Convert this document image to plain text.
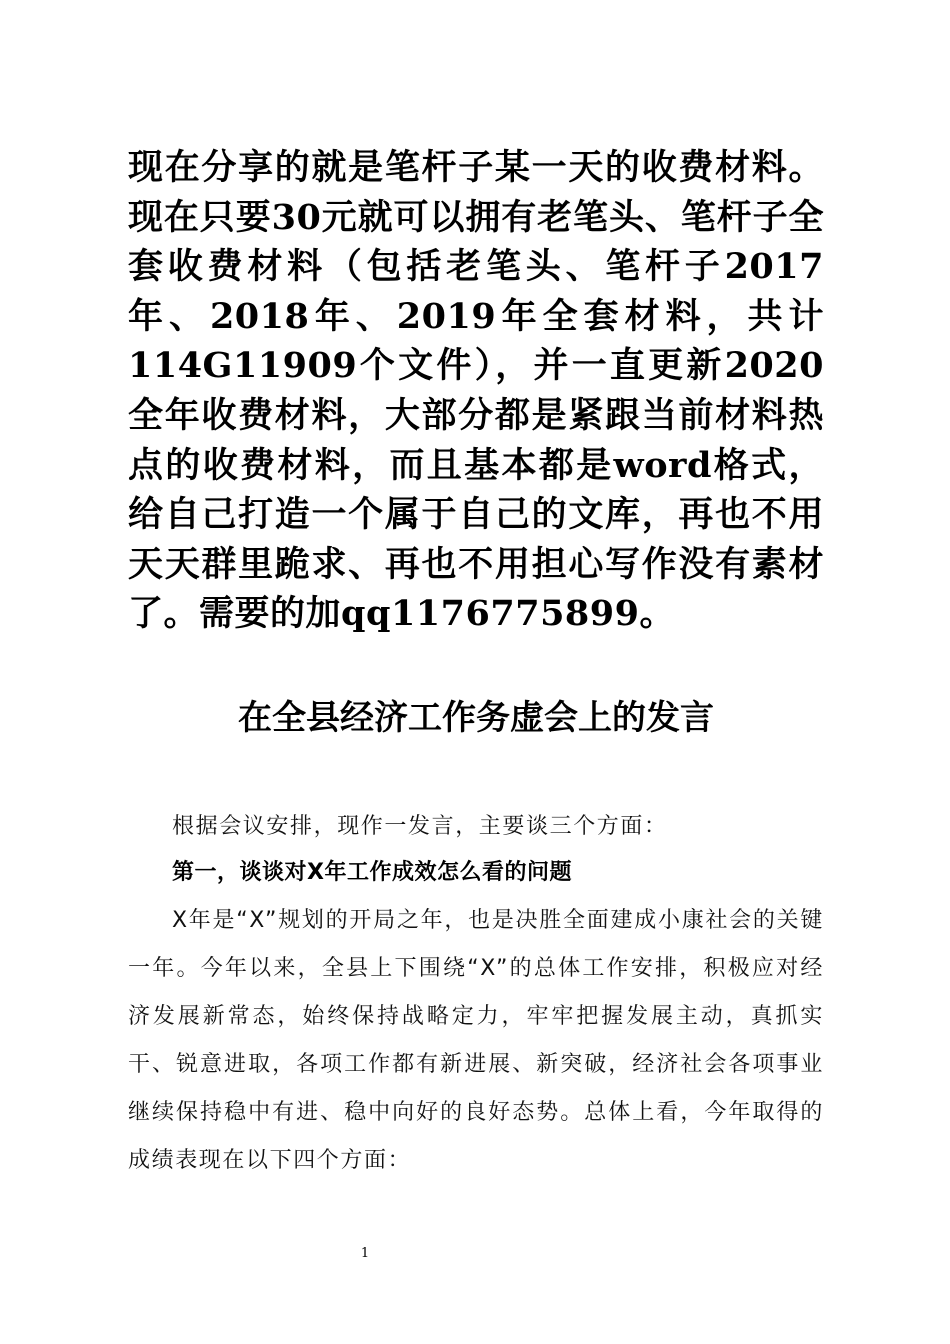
现在分享的就是笔杆子某一天的收费材料。现在只要30元就可以拥有老笔头、笔杆子全套收费材料（包括老笔头、笔杆子2017年、2018年、2019年全套材料，共计114G11909个文件），并一直更新2020全年收费材料，大部分都是紧跟当前材料热点的收费材料，而且基本都是word格式，给自己打造一个属于自己的文库，再也不用天天群里跪求、再也不用担心写作没有素材了。需要的加qq1176775899。

在全县经济工作务虚会上的发言

根据会议安排，现作一发言，主要谈三个方面：

第一，谈谈对X年工作成效怎么看的问题

X年是“X”规划的开局之年，也是决胜全面建成小康社会的关键一年。今年以来，全县上下围绕“X”的总体工作安排，积极应对经济发展新常态，始终保持战略定力，牢牢把握发展主动，真抓实干、锐意进取，各项工作都有新进展、新突破，经济社会各项事业继续保持稳中有进、稳中向好的良好态势。总体上看，今年取得的成绩表现在以下四个方面：

1
